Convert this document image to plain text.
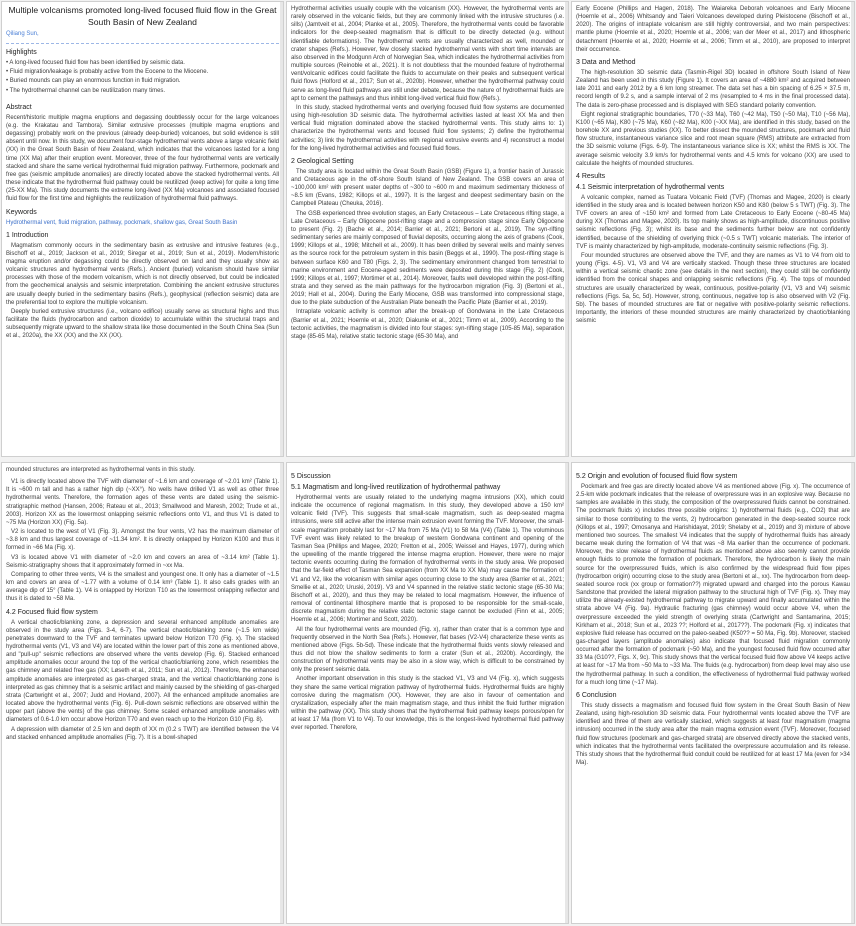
Multiple volcanisms promoted long-lived focused fluid flow in the Great South Basin of New Zealand
Qiliang Sun,
Highlights
• A long-lived focused fluid flow has been identified by seismic data.
• Fluid migration/leakage is probably active from the Eocene to the Miocene.
• Buried mounds can play an enormous function in fluid migration.
• The hydrothermal channel can be reutilization many times.
Abstract

Recent/historic multiple magma eruptions and degassing doubtlessly occur for the large volcanoes (e.g. the Krakatau and Tambora). Similar extrusive processes (multiple magma eruptions and degassing) probably work on the previous (already deep-buried) volcanoes, but solid evidence is still absent until now. In this study, we document four-stage hydrothermal vents above a large volcanic field (XX) in the Great South Basin of New Zealand, which indicates that the volcanoes lasted for a long time (XX Ma) after their eruption event. Moreover, three of the four hydrothermal vents are vertically stacked and share the same vertical hydrothermal fluid migration pathway. Furthermore, pockmark and free gas (seismic amplitude anomalies) are directly located above the stacked hydrothermal vents. All these indicate that the hydrothermal fluid pathway could be reutilized (keep active) for quite a long time (25-XX Ma). This study documents the extreme long-lived (XX Ma) volcanoes and associated focused fluid flow for the first time and highlights the reutilization of hydrothermal fluid pathways.

Keywords

Hydrothermal vent, fluid migration, pathway, pockmark, shallow gas, Great South Basin

1 Introduction

Magmatism commonly occurs in the sedimentary basin as extrusive and intrusive features (e.g., Bischoff et al., 2019; Jackson et al., 2019; Siregar et al., 2019; Sun et al., 2019). Modern/historic magma eruption and/or degassing could be directly observed on land and they usually show as volcanic structures and hydrothermal vents (Refs.). Ancient (buried) volcanism should have similar processes with those of the modern volcanism, which is not directly observed, but could be indicated from the geochemical analysis and seismic interpretation. Combining the ancient extrusive structures are usually deeply buried in the sedimentary basins (Refs.), geophysical (reflection seismic) data are the preferential tool to explore the multiple volcanism.

Deeply buried extrusive structures (i.e., volcano edifice) usually serve as structural highs and thus facilitate the fluids (hydrocarbon and carbon dioxide) to accumulate within the structural traps and subsequently migrate upward to the shallow strata like those documented in the South China Sea (Sun et al., 2020a), the XX (XX) and the XX (XX).

Hydrothermal activities usually couple with the volcanism (XX). However, the hydrothermal vents are rarely observed in the volcanic fields, but they are commonly linked with the intrusive structures (i.e. sills) (Jamtveit et al., 2004; Planke et al., 2005). Therefore, the hydrothermal vents could be favorable indicators for the deep-seated magmatism that is difficult to be directly detected (e.g. without identifiable deformations). The hydrothermal vents are usually characterized as well, mounded or crater shapes (Refs.). However, few closely stacked hydrothermal vents with short time intervals are also observed in the Modgunn Arch of Norwegian Sea, which indicates the hydrothermal activities from multiple sources (Reinoble et al., 2021). It is not doubtless that the mounded feature of hydrothermal vent/volcanic edifices could facilitate the fluids to accumulate on their peaks and subsequent vertical fluid flows (Holford et al., 2017; Sun et al., 2020b). However, whether the hydrothermal pathway could serve as long-lived fluid pathways are still under debate, because the nature of hydrothermal fluids are apt to cement the pathways and thus inhibit long-lived vertical fluid flow (Refs.).

In this study, stacked hydrothermal vents and overlying focused fluid flow systems are documented using high-resolution 3D seismic data. The hydrothermal activities lasted at least XX Ma and then vertical fluid migration dominated above the stacked hydrothermal vents. This study aims to: 1) characterize the hydrothermal vents and focused fluid flow systems; 2) define the hydrothermal activities; 3) link the hydrothermal activities with regional extrusive events and 4) reconstruct a model for the long-lived hydrothermal activities and focused fluid flows.

2 Geological Setting

The study area is located within the Great South Basin (GSB) (Figure 1), a frontier basin of Jurassic and Cretaceous age in the off-shore South Island of New Zealand. The GSB covers an area of ~100,000 km² with present water depths of ~300 to ~600 m and maximum sedimentary thickness of ~8.5 km (Evans, 1982; Killops et al., 1997). It is the largest and deepest sedimentary basin on the Campbell Plateau (Cheuka, 2016).

The GSB experienced three evolution stages, an Early Cretaceous – Late Cretaceous rifting stage, a Late Cretaceous – Early Oligocene post-rifting stage and a compression stage since Early Oligocene to present (Fig. 2) (Bache et al., 2014; Barrier et al., 2021; Bertoni et al., 2019). The syn-rifting sedimentary series are mainly composed of fluvial deposits, occurring along the axis of grabens (Cook, 1999; Killops et al., 1998; Mitchell et al., 2009). It has been drilled by several wells and mainly serves as the source rock for the petroleum system in this basin (Beggs et al., 1990). The post-rifting stage is between surface K60 and T80 (Figs. 2, 3). The sedimentary environment changed from terrestrial to marine environment and Eocene-aged sediments were deposited during this stage (Fig. 2) (Cook, 1999; Killops et al., 1997; Mortimer et al., 2014). Moreover, faults well developed within the post-rifting strata and they served as the main pathways for the hydrocarbon migration (Fig. 3) (Bertoni et al., 2019; Hall et al., 2004). During the Early Miocene, GSB was transformed into compressional stage, due to the plate subduction of the Australian Plate beneath the Pacific Plate (Barrier et al., 2019).

Intraplate volcanic activity is common after the break-up of Gondwana in the Late Cretaceous (Barrier et al., 2021; Hoernle et al., 2020; Diakunle et al., 2021; Timm et al., 2009). According to the tectonic activities, the magmatism is divided into four stages: syn-rifting stage (105-85 Ma), separation stage (85-65 Ma), relative static tectonic stage (65-30 Ma), and

Early Eocene (Phillips and Hagen, 2018). The Waiareka Deborah volcanoes and Early Miocene (Hoernle et al., 2006) Whitsandy and Taieri Volcanoes developed during Pleistocene (Bischoff et al., 2020). The origins of intraplate volcanism are still highly controversial, and two main perspectives: mantle plume (Hoernle et al., 2020; Hoernle et al., 2006; van der Meer et al., 2017) and lithospheric detachment (Hoernle et al., 2020; Hoernle et al., 2006; Timm et al., 2010), are proposed to interpret their occurrence.

3 Data and Method

The high-resolution 3D seismic data (Tasmin-Rigel 3D) located in offshore South Island of New Zealand has been used in this study (Figure 1). It covers an area of ~4880 km² and acquired between late 2011 and early 2012 by a 6 km long streamer. The data set has a bin spacing of 6.25 × 37.5 m, record length of 9.2 s, and a sample interval of 2 ms (resampled to 4 ms in the final processed data). The data is zero-phase processed and is displayed with SEG standard polarity convention.

Eight regional stratigraphic boundaries, T70 (~33 Ma), T60 (~42 Ma), T50 (~50 Ma), T10 (~56 Ma), K100 (~65 Ma), K80 (~75 Ma), K60 (~82 Ma), K00 (~XX Ma), are identified in this study, based on the borehole XX and previous studies (XX). To better dissect the mounded structures, pockmark and fluid flow structure, instantaneous variance slice and root mean square (RMS) attribute are extracted from the 3D seismic volume (Figs. 6-9). The instantaneous variance slice is XX; whilst the RMS is XX. The average seismic velocity 3.9 km/s for hydrothermal vents and 4.5 km/s for volcano (XX) are used to calculate the heights of mounded structures.

4 Results
4.1 Seismic interpretation of hydrothermal vents

A volcanic complex, named as Tuatara Volcanic Field (TVF) (Thomas and Magee, 2020) is clearly identified in the study area and is located between horizon K50 and K80 (below 5 s TWT) (Fig. 3). The TVF covers an area of ~150 km² and formed from Late Cretaceous to Early Eocene (~80-45 Ma) during XX (Thomas and Magee, 2020). Its top mainly shows as high-amplitude, discontinuous positive seismic reflections (Fig. 3); whilst its base and the sediments further below are not confidently identified, because of the shielding of overlying thick (~0.5 s TWT) volcanic materials. The interior of TVF is mainly characterized by high-amplitude, moderate-continuity seismic reflections (Fig. 3).

Four mounded structures are observed above the TVF, and they are names as V1 to V4 from old to young (Figs. 4-5). V1, V3 and V4 are vertically stacked. Though these three structures are located within a vertical seismic chaotic zone (see details in the next section), they could still be confidently identified from the conical shapes and onlapping seismic reflections (Fig. 4). The tops of mounded structures are usually characterized by weak, continuous, positive-polarity (V1, V3 and V4) seismic reflections (Figs. 5a, 5c, 5d). However, strong, continuous, negative top is also observed with V2 (Fig. 5b). The bases of mounded structures are flat or negative with positive-polarity seismic reflections. Importantly, the interiors of these mounded structures are mainly characterized by chaotic/blanking seismic

mounded structures are interpreted as hydrothermal vents in this study.

V1 is directly located above the TVF with diameter of ~1.6 km and coverage of ~2.01 km² (Table 1). It is ~600 m tall and has a rather high dip (~XX°). No wells have drilled V1 as well as other three hydrothermal vents. Therefore, the formation ages of these vents are dated using the seismic-stratigraphic method (Hansen, 2006; Rateau et al., 2013; Smallwood and Maresh, 2002; Trude et al., 2003). Horizon XX as the lowermost onlapping seismic reflections onto V1, and thus V1 is dated to ~75 Ma (Horizon XX) (Fig. 5a).

V2 is located to the west of V1 (Fig. 3). Amongst the four vents, V2 has the maximum diameter of ~3.8 km and thus largest coverage of ~11.34 km². It is directly onlapped by Horizon K100 and thus it formed in ~66 Ma (Fig. x).

V3 is located above V1 with diameter of ~2.0 km and covers an area of ~3.14 km² (Table 1). Seismic-stratigraphy shows that it approximately formed in ~xx Ma.

Comparing to other three vents, V4 is the smallest and youngest one. It only has a diameter of ~1.5 km and covers an area of ~1.77 with a volume of 0.14 km³ (Table 1). It also calls grades with an average dip of 15° (Table 1). V4 is onlapped by Horizon T10 as the lowermost onlapping reflector and thus it is dated to ~58 Ma.

4.2 Focused fluid flow system

A vertical chaotic/blanking zone, a depression and several enhanced amplitude anomalies are observed in the study area (Figs. 3-4, 6-7). The vertical chaotic/blanking zone (~1.5 km wide) penetrates downward to the TVF and terminates upward below Horizon T70 (Fig. x). The stacked hydrothermal vents (V1, V3 and V4) are located within the lower part of this zone as mentioned above, and "pull-up" seismic reflections are observed where the vents develop (Fig. 6). Stacked enhanced amplitude anomalies occur around the top of the vertical chaotic/blanking zone, which resembles the gas chimney and related free gas (XX; Løseth et al., 2011; Sun et al., 2012). Therefore, the enhanced amplitude anomalies are interpreted as gas-charged strata, and the vertical chaotic/blanking zone is interpreted as gas chimney that is a seismic artifact and mainly caused by the shielding of gas-charged strata (Cartwright et al., 2007; Judd and Hovland, 2007). All the enhanced amplitude anomalies are located above the hydrothermal vents (Fig. 6). Pull-down seismic reflections are observed within the upper part (above the vents) of the gas chimney. Some scaled enhanced amplitude anomalies with diameters of 0.6-1.0 km occur above Horizon T70 and even reach up to the Horizon G10 (Fig. 8).

A depression with diameter of 2.5 km and depth of XX m (0.2 s TWT) are identified between the V4 and stacked enhanced amplitude anomalies (Fig. 7). It is a bowl-shaped

5 Discussion
5.1 Magmatism and long-lived reutilization of hydrothermal pathway

Hydrothermal vents are usually related to the underlying magma intrusions (XX), which could indicate the occurrence of regional magmatism. In this study, they developed above a 150 km² volcanic field (TVF). This suggests that small-scale magmatism, such as deep-seated magma intrusions, were still active after the intense main extrusion event forming the TVF. Moreover, the small-scale magmatism probably last for ~17 Ma from 75 Ma (V1) to 58 Ma (V4) (Table 1). The voluminous TVF event was likely related to the breakup of western Gondwana continent and opening of the Tasman Sea (Phillips and Magee, 2020; Fretton et al., 2005; Weissel and Hayes, 1977), during which the upwelling of the mantle triggered the intense magma eruption. However, there were no major tectonic events occurring during the formation of hydrothermal vents in the study area. We proposed that the far-field effect of Tasman Sea expansion (from XX Ma to XX Ma) may cause the formation of V1 and V2, like the volcanism with similar ages occurring close to the study area (Barrier et al., 2021; Smellie et al., 2020; Uruski, 2019). V3 and V4 spanned in the relative static tectonic stage (65-30 Ma; Bischoff et al., 2020), and thus they may be related to local magmatism. However, the influence of removal of continental lithosphere mantle that is proposed to be responsible for the small-scale, discrete magmatism during the relative static tectonic stage cannot be excluded (Finn et al., 2005; Hoernle et al., 2006; Mortimer and Scott, 2020).

All the four hydrothermal vents are mounded (Fig. x), rather than crater that is a common type and frequently observed in the North Sea (Refs.). However, flat bases (V2-V4) characterize these vents as mentioned above (Figs. 5b-5d). These indicate that the hydrothermal fluids vents slowly released and thus did not blow the shallow sediments to form a crater (Sun et al., 2020b). Accordingly, the construction of hydrothermal vents may be also in a slow way, which is difficult to be constrained by only the present seismic data.

Another important observation in this study is the stacked V1, V3 and V4 (Fig. x), which suggests they share the same vertical migration pathway of hydrothermal fluids. Hydrothermal fluids are highly corrosive during the magmatism (XX). However, they are also in favour of cementation and crystallization, especially after the main magmatism stage, and thus inhibit the fluid further migration within the pathway (XX). This study shows that the hydrothermal fluid pathway keeps porous/open for at least 17 Ma (from V1 to V4). To our knowledge, this is the longest-lived hydrothermal fluid pathway ever reported. Therefore,

5.2 Origin and evolution of focused fluid flow system

Pockmark and free gas are directly located above V4 as mentioned above (Fig. x). The occurrence of 2.5-km wide pockmark indicates that the release of overpressure was in an explosive way. Because no samples are available in this study, the composition of the overpressured fluids cannot be constrained. The pockmark fluids x) includes three possible origins: 1) hydrothermal fluids (e.g., CO2) that are similar to those contributing to the vents, 2) hydrocarbon generated in the deep-seated source rock (Killops et al., 1997; Omosanya and Harishidayat, 2019; Shelaby et al., 2019) and 3) mixture of above mentioned two sources. The smallest V4 indicates that the supply of hydrothermal fluids has already became weak during the formation of V4 that was ~8 Ma earlier than the occurrence of pockmark. Moreover, the slow release of hydrothermal fluids as mentioned above also seemly cannot provide enough fluids to promote the formation of pockmark. Therefore, the hydrocarbon is likely the main source for the overpressured fluids, which is also confirmed by the widespread fluid flow pipes (hydrocarbon origin) occurring close to the study area (Bertoni et al., xx). The hydrocarbon from deep-seated source rock (xx group or formation??) migrated upward and charged into the porous Kawau Sandstone that provided the lateral migration pathway to the structural high of TVF (Fig. x). They may utilize the already-existed hydrothermal pathway to migrate upward and finally accumulated within the strata above V4 (Fig. 9a). Hydraulic fracturing (gas chimney) would occur above V4, when the overpressure exceeded the yield strength of overlying strata (Cartwright and Santamarina, 2015; Kirkham et al., 2018; Sun et al., 2023 ??; Holford et al., 2017??). The pockmark (Fig. x) indicates that explosive fluid release has occurred on the paleo-seabed (K50?? = 50 Ma, Fig. 9b). Moreover, stacked gas-charged layers (amplitude anomalies) also indicate that focused fluid migration commonly occurred after the formation of pockmark (~50 Ma), and the youngest focused fluid flow occurred after 33 Ma (G10??, Figs. X, 9c). This study shows that the vertical focused fluid flow above V4 keeps active at least for ~17 Ma from ~50 Ma to ~33 Ma. The fluids (e.g. hydrocarbon) from deep level may also use the hydrothermal pathway. In such a condition, the effectiveness of hydrothermal fluid pathway worked for a much long time (~17 Ma).

6 Conclusion

This study dissects a magmatism and focused fluid flow system in the Great South Basin of New Zealand, using high-resolution 3D seismic data. Four hydrothermal vents located above the TVF are identified and three of them are vertically stacked, which suggests at least four magmatism (magma intrusion) occurred in the study area after the main magma extrusion event (TVF). Moreover, focused fluid flow structures (pockmark and gas-charged strata) are observed directly above the stacked vents, which indicates that the hydrothermal vents facilitated the overpressure accumulation and its release. This study shows that the hydrothermal fluid conduit could be reutilized for at least 17 Ma (even for >34 Ma).
